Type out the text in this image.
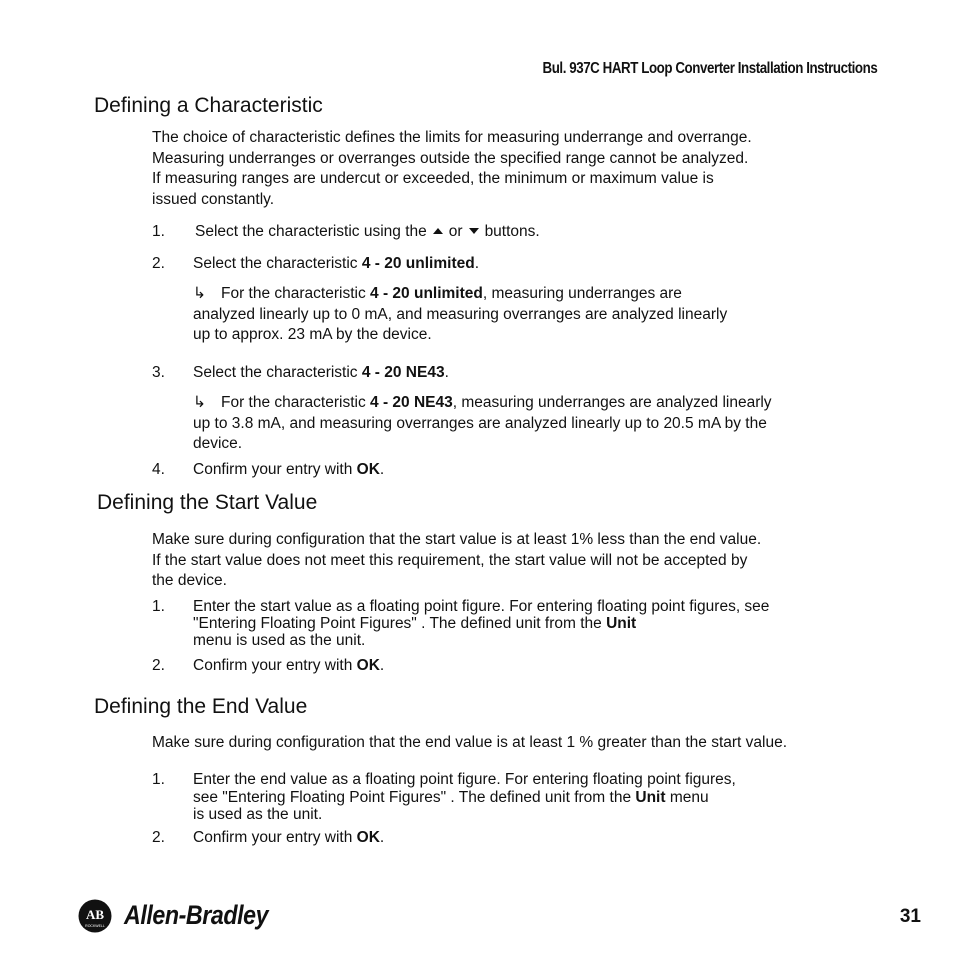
Bul. 937C HART Loop Converter Installation Instructions
Defining a Characteristic
The choice of characteristic defines the limits for measuring underrange and overrange.
Measuring underranges or overranges outside the specified range cannot be analyzed.
If measuring ranges are undercut or exceeded, the minimum or maximum value is
issued constantly.
1. Select the characteristic using the or buttons.
2. Select the characteristic 4 - 20 unlimited.
↳ For the characteristic 4 - 20 unlimited, measuring underranges are
analyzed linearly up to 0 mA, and measuring overranges are analyzed linearly
up to approx. 23 mA by the device.
3. Select the characteristic 4 - 20 NE43.
↳ For the characteristic 4 - 20 NE43, measuring underranges are analyzed linearly
up to 3.8 mA, and measuring overranges are analyzed linearly up to 20.5 mA by the
device.
4. Confirm your entry with OK.
Defining the Start Value
Make sure during configuration that the start value is at least 1% less than the end value.
If the start value does not meet this requirement, the start value will not be accepted by
the device.
1. Enter the start value as a floating point figure. For entering floating point figures, see
"Entering Floating Point Figures" . The defined unit from the Unit
menu is used as the unit.
2. Confirm your entry with OK.
Defining the End Value
Make sure during configuration that the end value is at least 1 % greater than the start value.
1. Enter the end value as a floating point figure. For entering floating point figures,
see "Entering Floating Point Figures" . The defined unit from the Unit menu
is used as the unit.
2. Confirm your entry with OK.
AB
ROCKWELL Allen-Bradley	31
